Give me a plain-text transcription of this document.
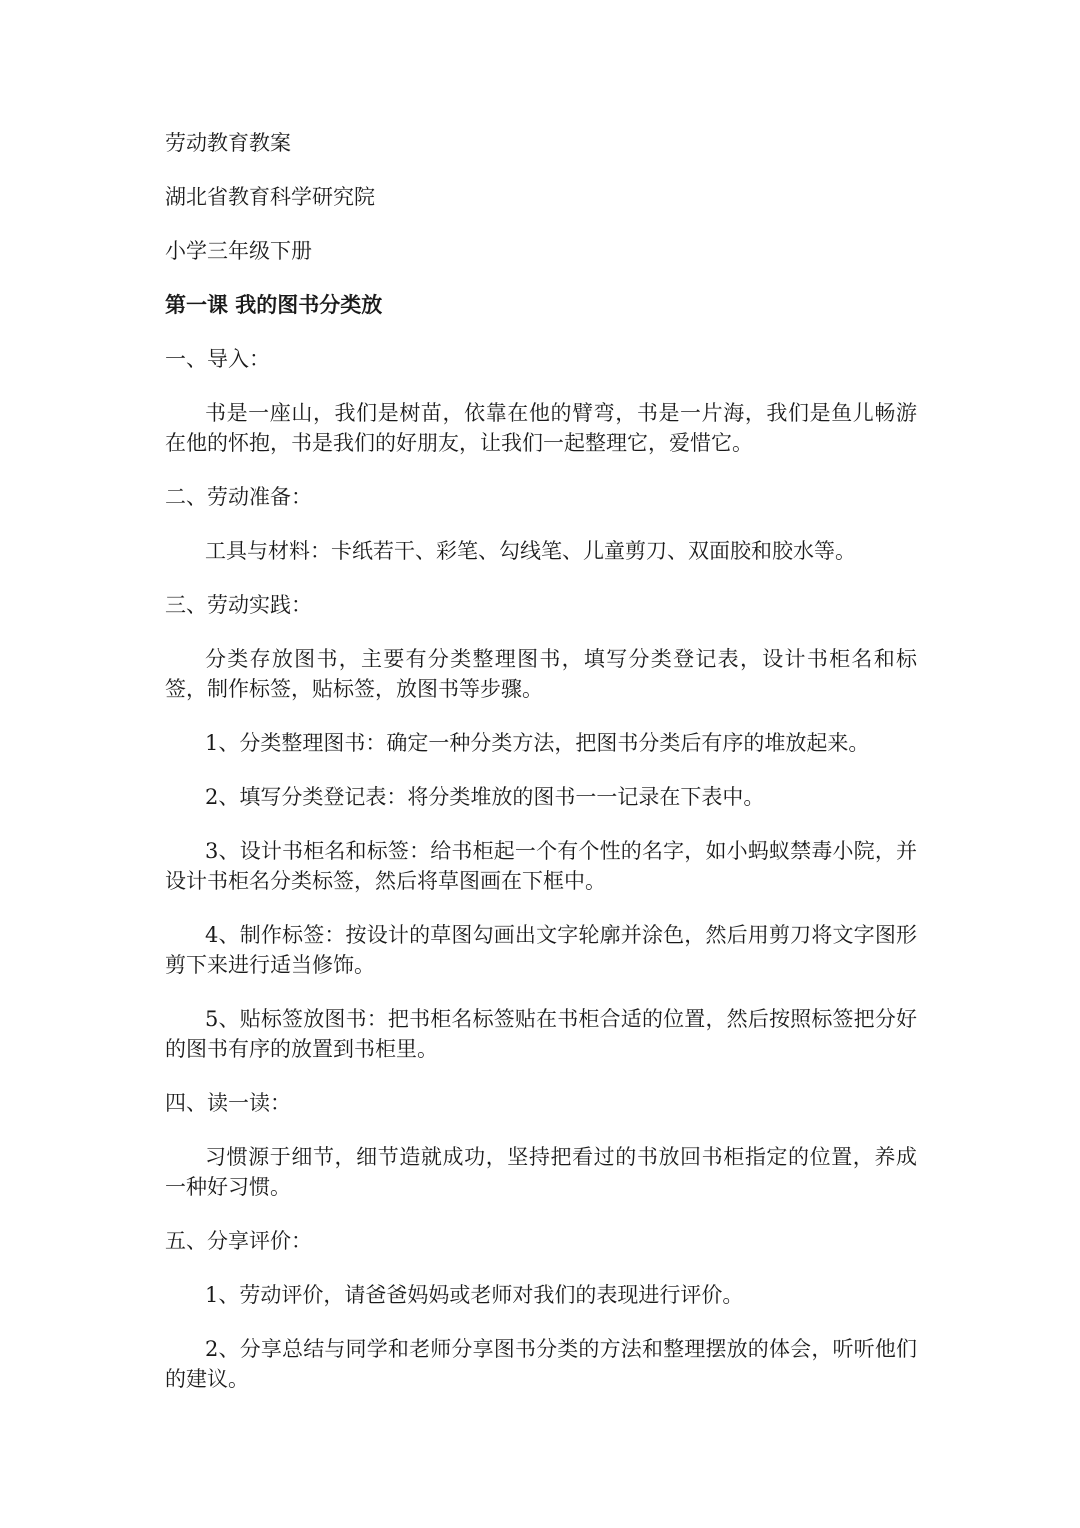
劳动教育教案

湖北省教育科学研究院

小学三年级下册

第一课 我的图书分类放

一、导入：

书是一座山，我们是树苗，依靠在他的臂弯，书是一片海，我们是鱼儿畅游在他的怀抱，书是我们的好朋友，让我们一起整理它，爱惜它。

二、劳动准备：

工具与材料：卡纸若干、彩笔、勾线笔、儿童剪刀、双面胶和胶水等。

三、劳动实践：

分类存放图书，主要有分类整理图书，填写分类登记表，设计书柜名和标签，制作标签，贴标签，放图书等步骤。

1、分类整理图书：确定一种分类方法，把图书分类后有序的堆放起来。

2、填写分类登记表：将分类堆放的图书一一记录在下表中。

3、设计书柜名和标签：给书柜起一个有个性的名字，如小蚂蚁禁毒小院，并设计书柜名分类标签，然后将草图画在下框中。

4、制作标签：按设计的草图勾画出文字轮廓并涂色，然后用剪刀将文字图形剪下来进行适当修饰。

5、贴标签放图书：把书柜名标签贴在书柜合适的位置，然后按照标签把分好的图书有序的放置到书柜里。

四、读一读：

习惯源于细节，细节造就成功，坚持把看过的书放回书柜指定的位置，养成一种好习惯。

五、分享评价：

1、劳动评价，请爸爸妈妈或老师对我们的表现进行评价。

2、分享总结与同学和老师分享图书分类的方法和整理摆放的体会，听听他们的建议。
